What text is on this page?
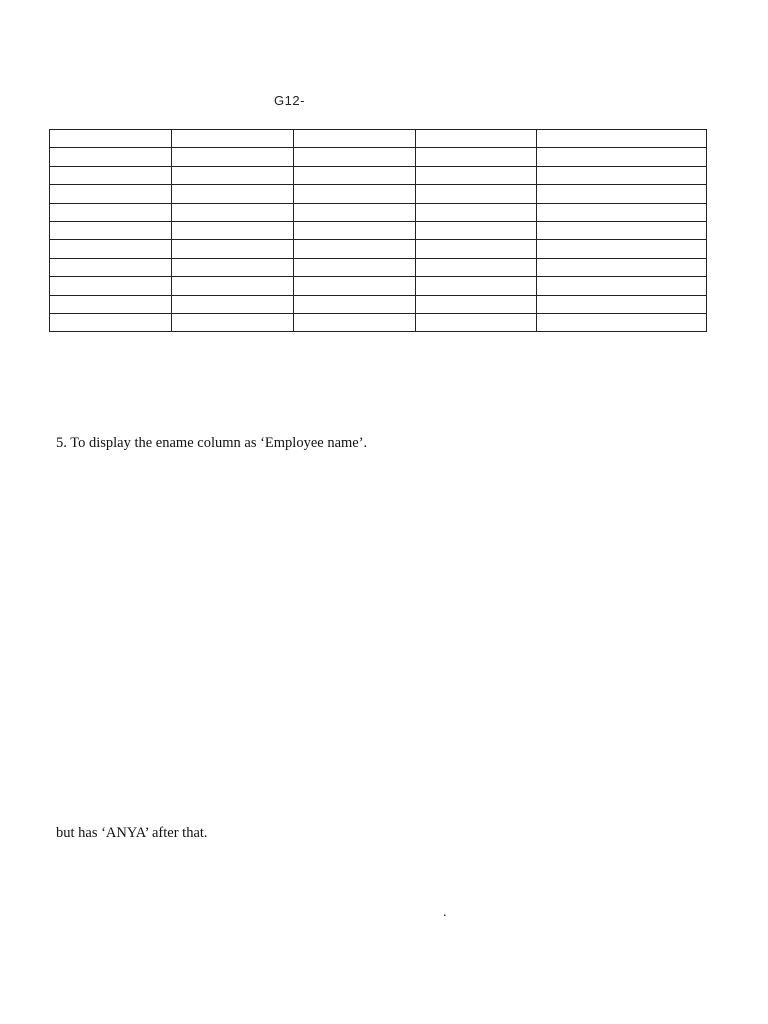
G12-

5. To display the ename column as ‘Employee name’.
but has ‘ANYA’ after that.
.
